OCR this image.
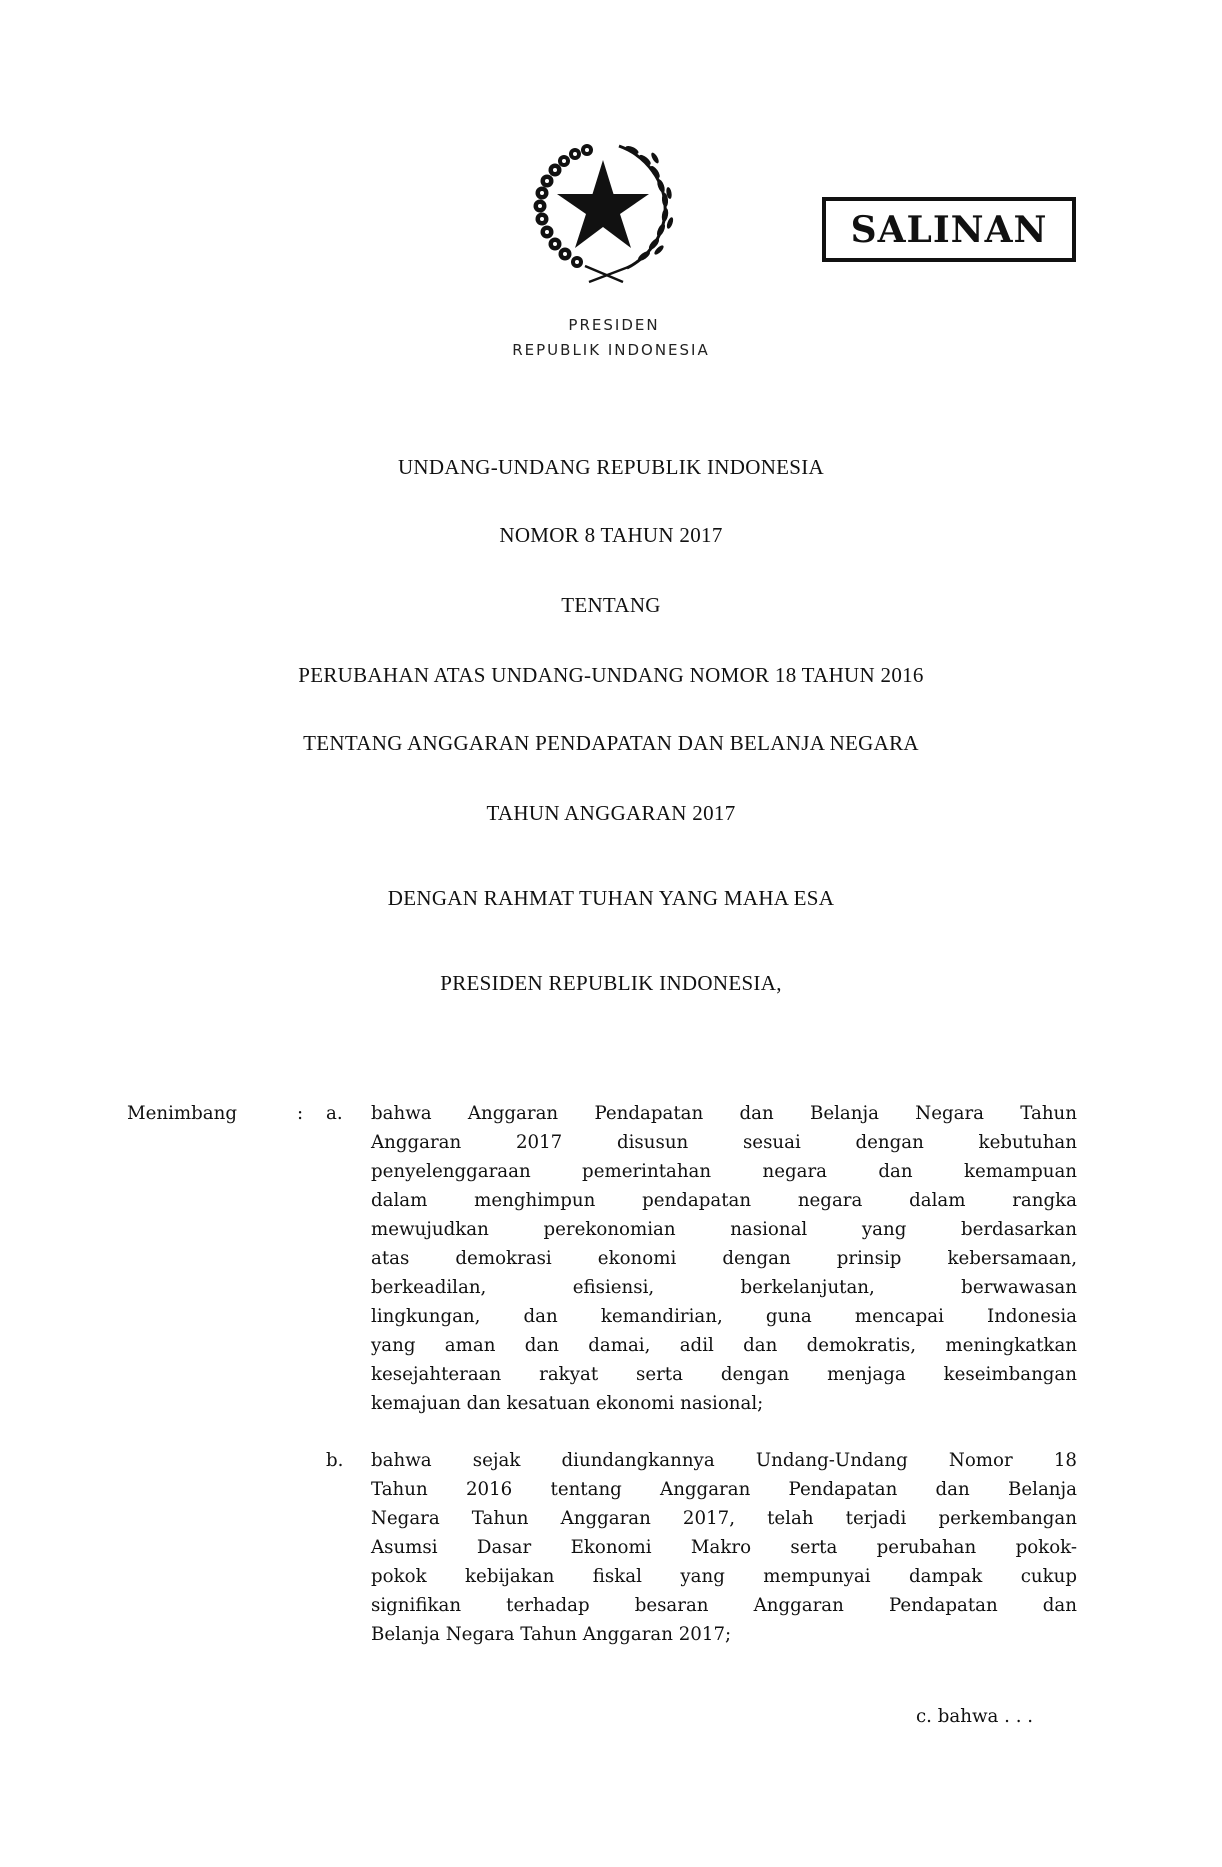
SALINAN
PRESIDEN
REPUBLIK INDONESIA
UNDANG-UNDANG REPUBLIK INDONESIA
NOMOR 8 TAHUN 2017
TENTANG
PERUBAHAN ATAS UNDANG-UNDANG NOMOR 18 TAHUN 2016
TENTANG ANGGARAN PENDAPATAN DAN BELANJA NEGARA
TAHUN ANGGARAN 2017
DENGAN RAHMAT TUHAN YANG MAHA ESA
PRESIDEN REPUBLIK INDONESIA,
Menimbang	: a. bahwa Anggaran Pendapatan dan Belanja Negara Tahun
Anggaran 2017 disusun sesuai dengan kebutuhan
penyelenggaraan pemerintahan negara dan kemampuan
dalam menghimpun pendapatan negara dalam rangka
mewujudkan perekonomian nasional yang berdasarkan
atas demokrasi ekonomi dengan prinsip kebersamaan,
berkeadilan, efisiensi, berkelanjutan, berwawasan
lingkungan, dan kemandirian, guna mencapai Indonesia
yang aman dan damai, adil dan demokratis, meningkatkan
kesejahteraan rakyat serta dengan menjaga keseimbangan
kemajuan dan kesatuan ekonomi nasional;
b. bahwa sejak diundangkannya Undang-Undang Nomor 18
Tahun 2016 tentang Anggaran Pendapatan dan Belanja
Negara Tahun Anggaran 2017, telah terjadi perkembangan
Asumsi Dasar Ekonomi Makro serta perubahan pokok-
pokok kebijakan fiskal yang mempunyai dampak cukup
signifikan terhadap besaran Anggaran Pendapatan dan
Belanja Negara Tahun Anggaran 2017;
c. bahwa . . .
